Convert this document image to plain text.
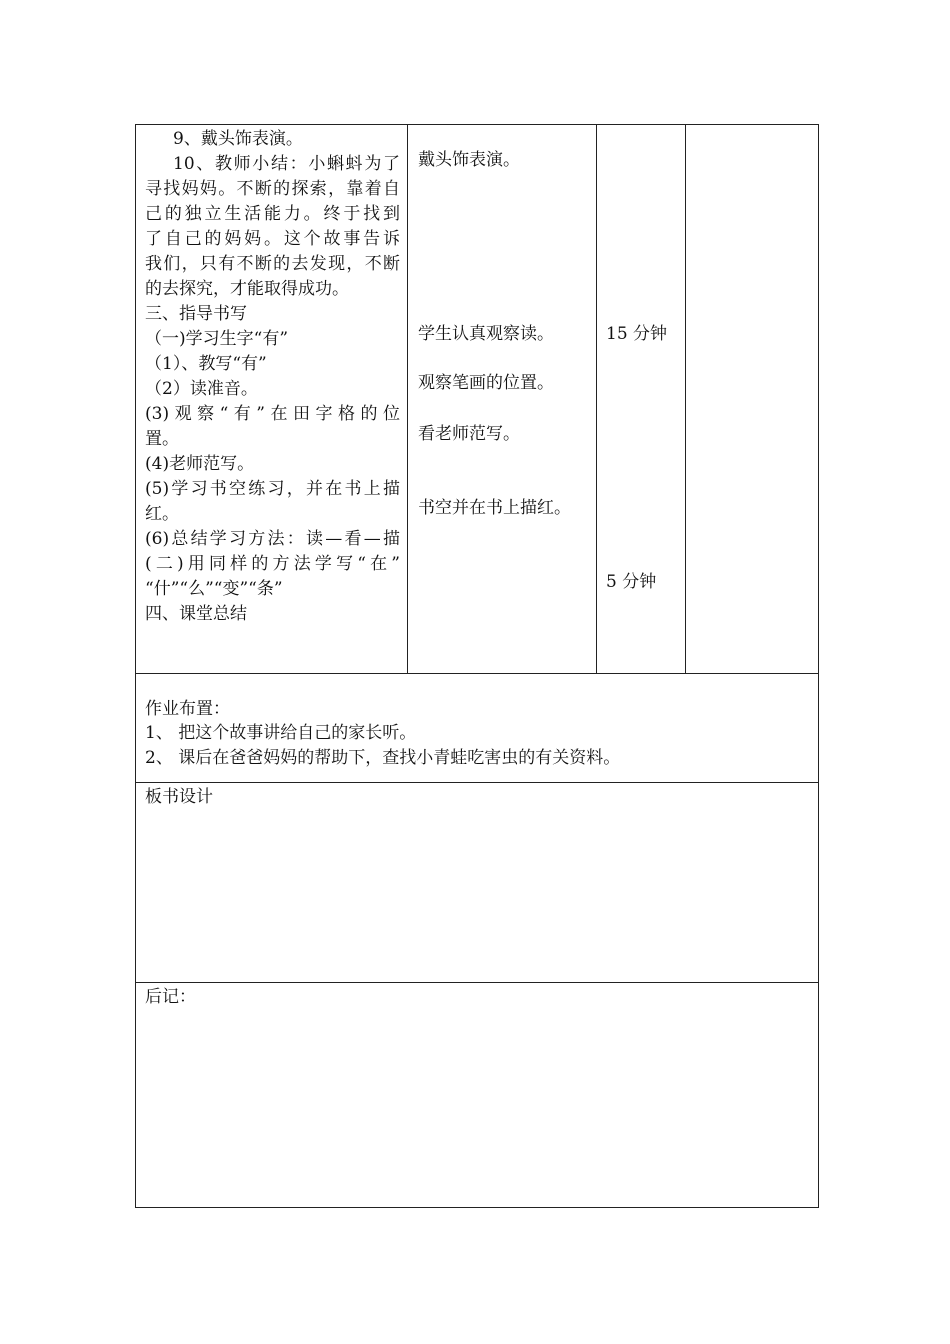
9、戴头饰表演。
10、教师小结：小蝌蚪为了
寻找妈妈。不断的探索，靠着自
己的独立生活能力。终于找到
了自己的妈妈。这个故事告诉
我们，只有不断的去发现，不断
的去探究，才能取得成功。
三、指导书写
（一)学习生字“有”
（1）、教写“有”
（2）读准音。
(3)观察“有”在田字格的位
置。
(4)老师范写。
(5)学习书空练习，并在书上描
红。
(6)总结学习方法：读—看—描
(二)用同样的方法学写“在”
“什”“么”“变”“条”
四、课堂总结
戴头饰表演。
学生认真观察读。
观察笔画的位置。
看老师范写。
书空并在书上描红。
15 分钟
5 分钟
作业布置：
1、 把这个故事讲给自己的家长听。
2、 课后在爸爸妈妈的帮助下，查找小青蛙吃害虫的有关资料。
板书设计
后记：
